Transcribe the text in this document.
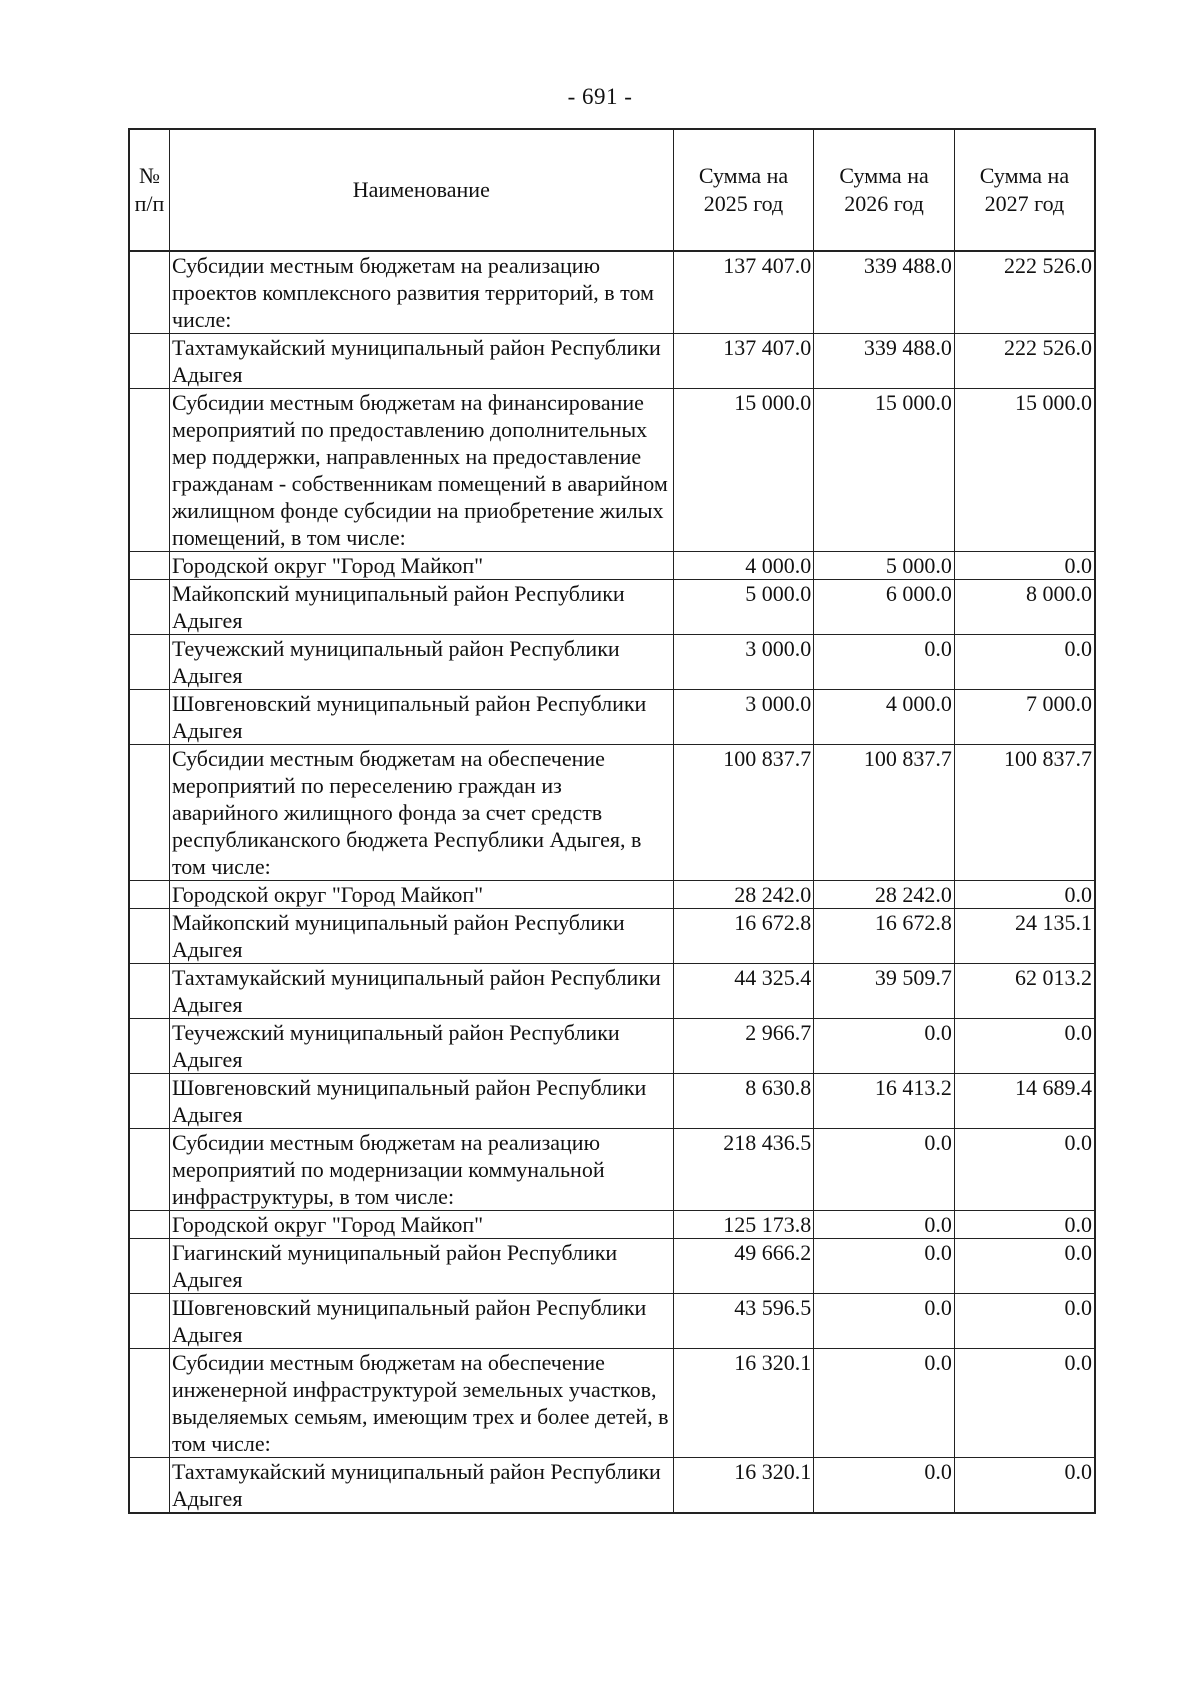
- 691 -
№ п/п	Наименование	Сумма на 2025 год	Сумма на 2026 год	Сумма на 2027 год
	Субсидии местным бюджетам на реализацию проектов комплексного развития территорий, в том числе:	137 407.0	339 488.0	222 526.0
	Тахтамукайский муниципальный район Республики Адыгея	137 407.0	339 488.0	222 526.0
	Субсидии местным бюджетам на финансирование мероприятий по предоставлению дополнительных мер поддержки, направленных на предоставление гражданам - собственникам помещений в аварийном жилищном фонде субсидии на приобретение жилых помещений, в том числе:	15 000.0	15 000.0	15 000.0
	Городской округ "Город Майкоп"	4 000.0	5 000.0	0.0
	Майкопский муниципальный район Республики Адыгея	5 000.0	6 000.0	8 000.0
	Теучежский муниципальный район Республики Адыгея	3 000.0	0.0	0.0
	Шовгеновский муниципальный район Республики Адыгея	3 000.0	4 000.0	7 000.0
	Субсидии местным бюджетам на обеспечение мероприятий по переселению граждан из аварийного жилищного фонда за счет средств республиканского бюджета Республики Адыгея, в том числе:	100 837.7	100 837.7	100 837.7
	Городской округ "Город Майкоп"	28 242.0	28 242.0	0.0
	Майкопский муниципальный район Республики Адыгея	16 672.8	16 672.8	24 135.1
	Тахтамукайский муниципальный район Республики Адыгея	44 325.4	39 509.7	62 013.2
	Теучежский муниципальный район Республики Адыгея	2 966.7	0.0	0.0
	Шовгеновский муниципальный район Республики Адыгея	8 630.8	16 413.2	14 689.4
	Субсидии местным бюджетам на реализацию мероприятий по модернизации коммунальной инфраструктуры, в том числе:	218 436.5	0.0	0.0
	Городской округ "Город Майкоп"	125 173.8	0.0	0.0
	Гиагинский муниципальный район Республики Адыгея	49 666.2	0.0	0.0
	Шовгеновский муниципальный район Республики Адыгея	43 596.5	0.0	0.0
	Субсидии местным бюджетам на обеспечение инженерной инфраструктурой земельных участков, выделяемых семьям, имеющим трех и более детей, в том числе:	16 320.1	0.0	0.0
	Тахтамукайский муниципальный район Республики Адыгея	16 320.1	0.0	0.0
